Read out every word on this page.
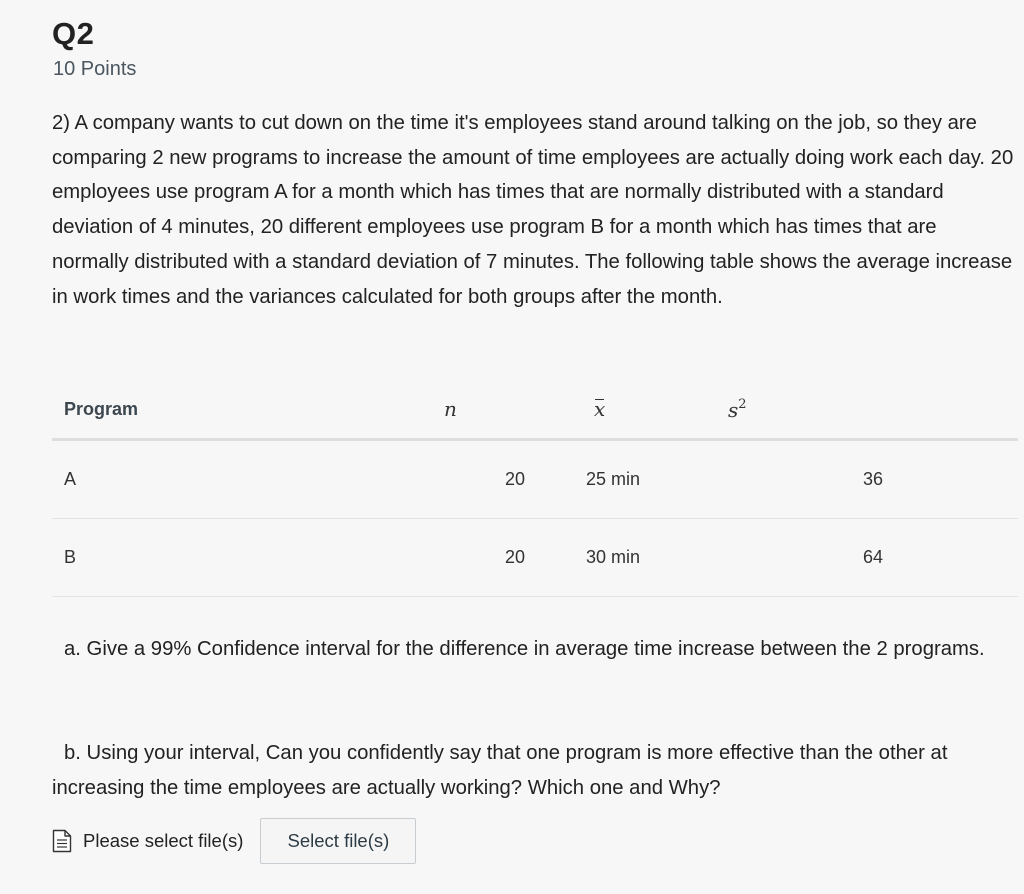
Q2
10 Points
2) A company wants to cut down on the time it's employees stand around talking on the job, so they are comparing 2 new programs to increase the amount of time employees are actually doing work each day. 20 employees use program A for a month which has times that are normally distributed with a standard deviation of 4 minutes, 20 different employees use program B for a month which has times that are normally distributed with a standard deviation of 7 minutes. The following table shows the average increase in work times and the variances calculated for both groups after the month.
Program	n	x	$s^2$
A	20	25 min	36
B	20	30 min	64
a. Give a 99% Confidence interval for the difference in average time increase between the 2 programs.
b. Using your interval, Can you confidently say that one program is more effective than the other at increasing the time employees are actually working? Which one and Why?
Please select file(s)	Select file(s)
